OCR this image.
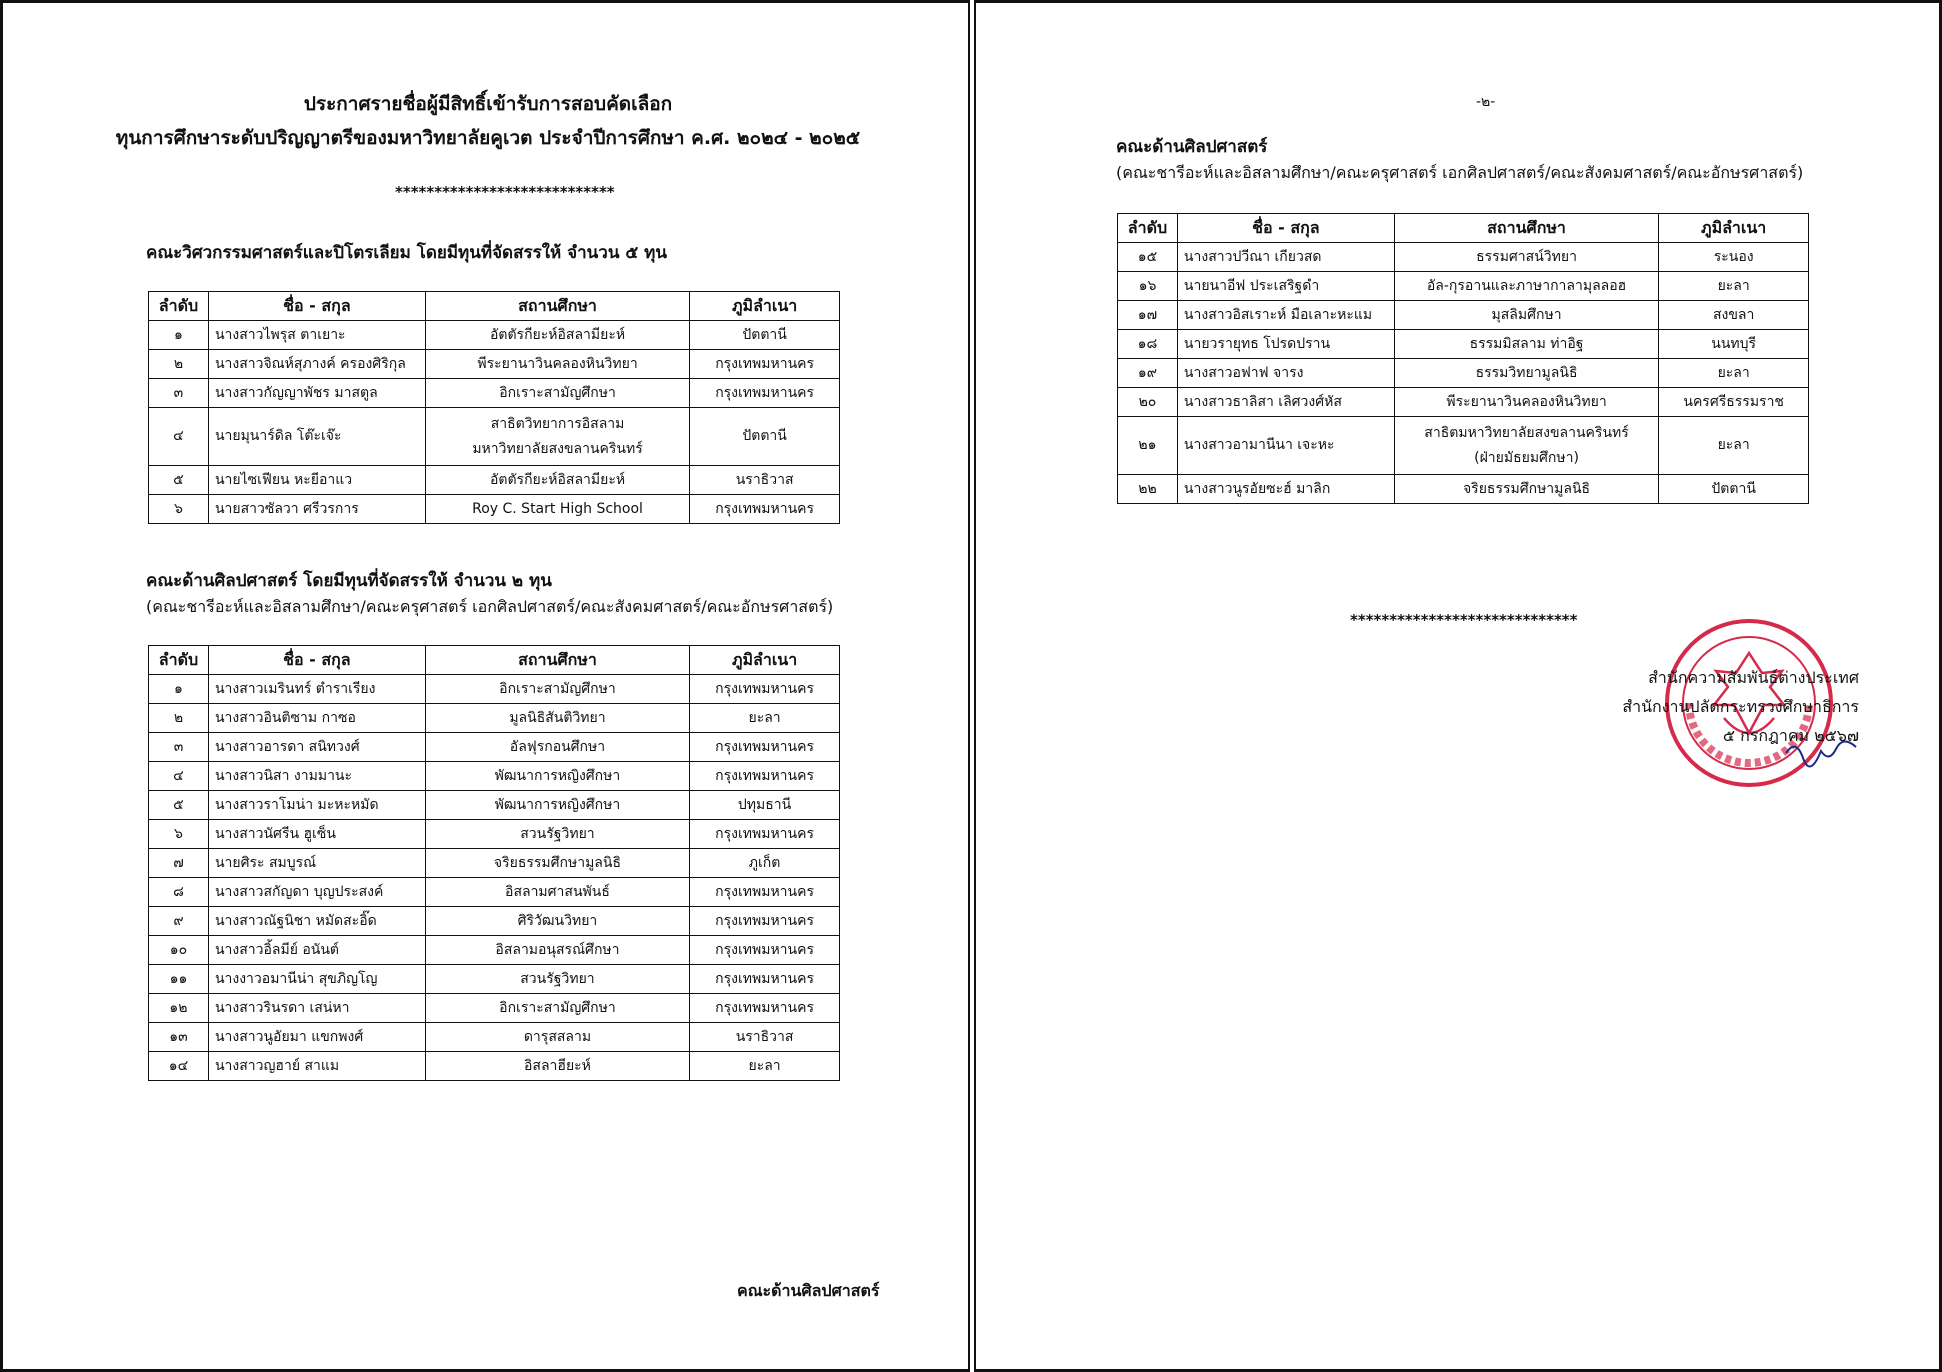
ประกาศรายชื่อผู้มีสิทธิ์เข้ารับการสอบคัดเลือก
ทุนการศึกษาระดับปริญญาตรีของมหาวิทยาลัยคูเวต ประจำปีการศึกษา ค.ศ. ๒๐๒๔ - ๒๐๒๕
****************************
คณะวิศวกรรมศาสตร์และปิโตรเลียม โดยมีทุนที่จัดสรรให้ จำนวน ๕ ทุน
ลำดับ	ชื่อ - สกุล	สถานศึกษา	ภูมิลำเนา
๑	นางสาวไพรุส ตาเยาะ	อัตตัรกียะห์อิสลามียะห์	ปัตตานี
๒	นางสาวจิณห์สุภางค์ ครองศิริกุล	พีระยานาวินคลองหินวิทยา	กรุงเทพมหานคร
๓	นางสาวกัญญาพัชร มาสตูล	อิกเราะสามัญศึกษา	กรุงเทพมหานคร
๔	นายมุนาร์ดิล โต๊ะเจ๊ะ	สาธิตวิทยาการอิสลาม
มหาวิทยาลัยสงขลานครินทร์	ปัตตานี
๕	นายไซเฟียน หะยีอาแว	อัตตัรกียะห์อิสลามียะห์	นราธิวาส
๖	นายสาวซัลวา ศรีวรการ	Roy C. Start High School	กรุงเทพมหานคร
คณะด้านศิลปศาสตร์ โดยมีทุนที่จัดสรรให้ จำนวน ๒ ทุน
(คณะชารีอะห์และอิสลามศึกษา/คณะครุศาสตร์ เอกศิลปศาสตร์/คณะสังคมศาสตร์/คณะอักษรศาสตร์)
ลำดับ	ชื่อ - สกุล	สถานศึกษา	ภูมิลำเนา
๑	นางสาวเมรินทร์ ตำราเรียง	อิกเราะสามัญศึกษา	กรุงเทพมหานคร
๒	นางสาวอินติซาม กาซอ	มูลนิธิสันติวิทยา	ยะลา
๓	นางสาวอารดา สนิทวงศ์	อัลฟุรกอนศึกษา	กรุงเทพมหานคร
๔	นางสาวนิสา งามมานะ	พัฒนาการหญิงศึกษา	กรุงเทพมหานคร
๕	นางสาวราโมน่า มะหะหมัด	พัฒนาการหญิงศึกษา	ปทุมธานี
๖	นางสาวนัศรีน ฮูเซ็น	สวนรัฐวิทยา	กรุงเทพมหานคร
๗	นายศิระ สมบูรณ์	จริยธรรมศึกษามูลนิธิ	ภูเก็ต
๘	นางสาวสกัญดา บุญประสงค์	อิสลามศาสนพันธ์	กรุงเทพมหานคร
๙	นางสาวณัฐนิชา หมัดสะอิ๊ด	ศิริวัฒนวิทยา	กรุงเทพมหานคร
๑๐	นางสาวอิ้ลมีย์ อนันต์	อิสลามอนุสรณ์ศึกษา	กรุงเทพมหานคร
๑๑	นางงาวอมานีน่า สุขภิญโญ	สวนรัฐวิทยา	กรุงเทพมหานคร
๑๒	นางสาวรินรดา เสน่หา	อิกเราะสามัญศึกษา	กรุงเทพมหานคร
๑๓	นางสาวนูอัยมา แขกพงศ์	ดารุสสลาม	นราธิวาส
๑๔	นางสาวญฮาย์ สาแม	อิสลาฮียะห์	ยะลา
คณะด้านศิลปศาสตร์
-๒-
คณะด้านศิลปศาสตร์
(คณะชารีอะห์และอิสลามศึกษา/คณะครุศาสตร์ เอกศิลปศาสตร์/คณะสังคมศาสตร์/คณะอักษรศาสตร์)
ลำดับ	ชื่อ - สกุล	สถานศึกษา	ภูมิลำเนา
๑๕	นางสาวปวีณา เกียวสด	ธรรมศาสน์วิทยา	ระนอง
๑๖	นายนาอีฟ ประเสริฐดำ	อัล-กุรอานและภาษากาลามุลลอฮ	ยะลา
๑๗	นางสาวอิสเราะห์ มือเลาะหะแม	มุสลิมศึกษา	สงขลา
๑๘	นายวรายุทธ โปรดปราน	ธรรมมิสลาม ท่าอิฐ	นนทบุรี
๑๙	นางสาวอฟาฟ จารง	ธรรมวิทยามูลนิธิ	ยะลา
๒๐	นางสาวธาลิสา เลิศวงศ์หัส	พีระยานาวินคลองหินวิทยา	นครศรีธรรมราช
๒๑	นางสาวอามานีนา เจะหะ	สาธิตมหาวิทยาลัยสงขลานครินทร์
(ฝ่ายมัธยมศึกษา)	ยะลา
๒๒	นางสาวนูรอัยซะฮ์ มาลิก	จริยธรรมศึกษามูลนิธิ	ปัตตานี
*****************************
สำนักความสัมพันธ์ต่างประเทศ
สำนักงานปลัดกระทรวงศึกษาธิการ
๕ กรกฎาคม ๒๕๖๗
